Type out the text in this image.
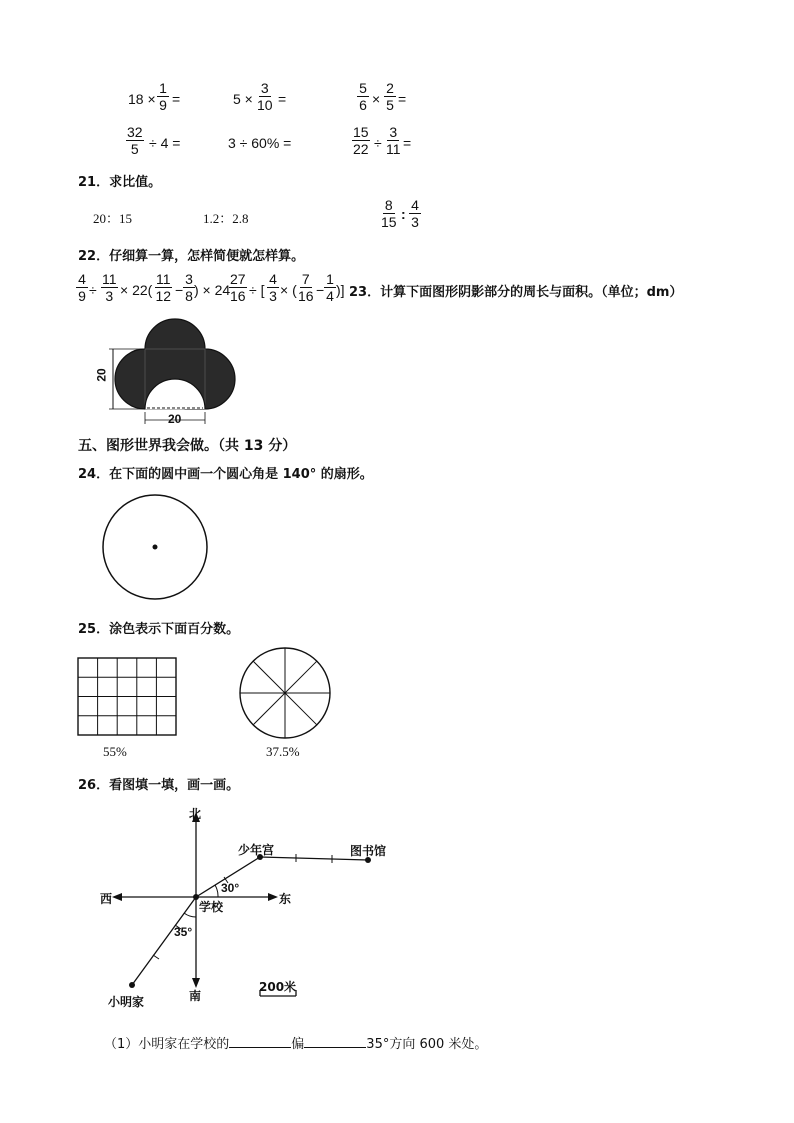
$18 \times \frac{1}{9}$ =	$5 \times \frac{3}{10}$ =	$\frac{5}{6} \times \frac{2}{5}$ =
$\frac{32}{5} \div 4$ =	3 ÷ 60% =	$\frac{15}{22} \div \frac{3}{11}$ =
21．求比值。
20：15	1.2：2.8	$\frac{8}{15}$ : $\frac{4}{3}$
22．仔细算一算，怎样简便就怎样算。
$\frac{4}{9} \div \frac{11}{3} \times 22( \frac{11}{12} - \frac{3}{8}$ ) × 24
$\frac{27}{16}$ ÷ [ $\frac{4}{3}$ × ( $\frac{7}{16} - \frac{1}{4}$ )] 23．计算下面图形阴影部分的周长与面积。（单位；dm）
20
20
五、图形世界我会做。（共 13 分）
24．在下面的圆中画一个圆心角是 140° 的扇形。
25．涂色表示下面百分数。
55%	37.5%
26．看图填一填，画一画。
北
南
西	东
学校
少年宫	图书馆
小明家
30°
35°
200米
（1）小明家在学校的	偏	35°方向 600 米处。
